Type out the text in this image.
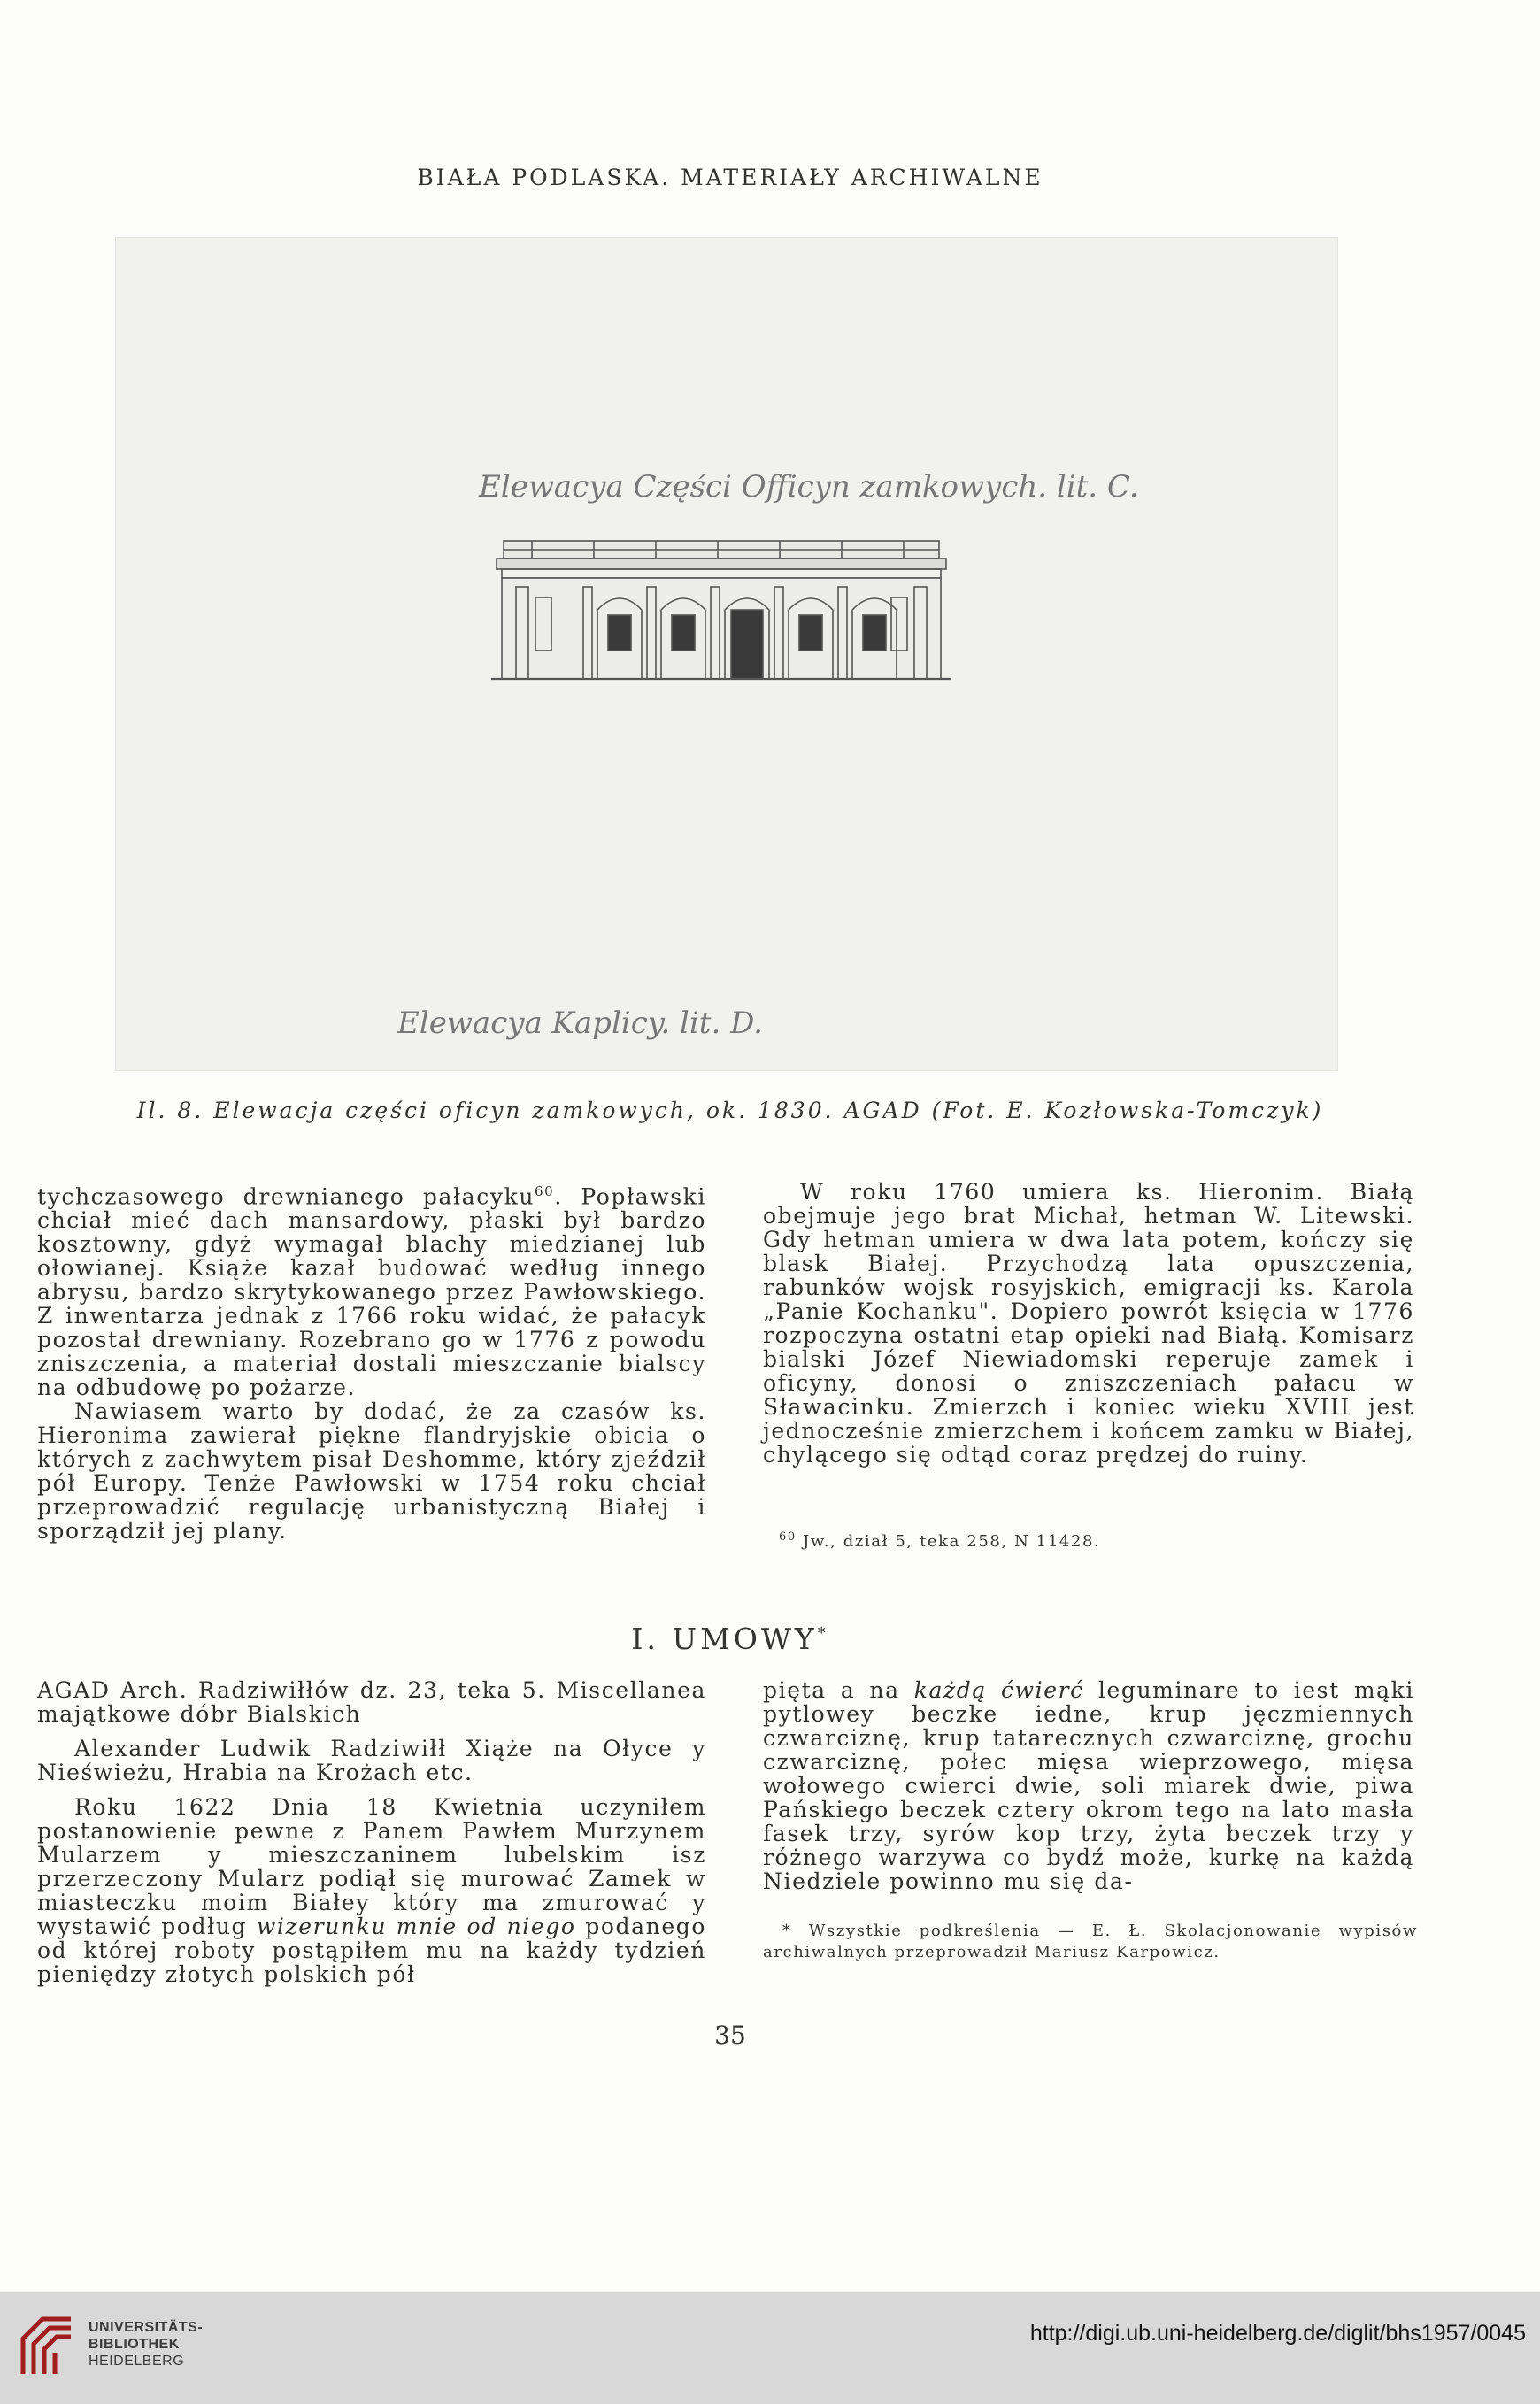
BIAŁA PODLASKA. MATERIAŁY ARCHIWALNE
Elewacya Części Officyn zamkowych. lit. C.
Elewacya Kaplicy. lit. D.
Il. 8. Elewacja części oficyn zamkowych, ok. 1830. AGAD (Fot. E. Kozłowska-Tomczyk)

tychczasowego drewnianego pałacyku$^{60}$. Popławski chciał mieć dach mansardowy, płaski był bardzo kosztowny, gdyż wymagał blachy miedzianej lub ołowianej. Książe kazał budować według innego abrysu, bardzo skrytykowanego przez Pawłowskiego. Z inwentarza jednak z 1766 roku widać, że pałacyk pozostał drewniany. Rozebrano go w 1776 z powodu zniszczenia, a materiał dostali mieszczanie bialscy na odbudowę po pożarze.

Nawiasem warto by dodać, że za czasów ks. Hieronima zawierał piękne flandryjskie obicia o których z zachwytem pisał Deshomme, który zjeździł pół Europy. Tenże Pawłowski w 1754 roku chciał przeprowadzić regulację urbanistyczną Białej i sporządził jej plany.

W roku 1760 umiera ks. Hieronim. Białą obejmuje jego brat Michał, hetman W. Litewski. Gdy hetman umiera w dwa lata potem, kończy się blask Białej. Przychodzą lata opuszczenia, rabunków wojsk rosyjskich, emigracji ks. Karola „Panie Kochanku". Dopiero powrót księcia w 1776 rozpoczyna ostatni etap opieki nad Białą. Komisarz bialski Józef Niewiadomski reperuje zamek i oficyny, donosi o zniszczeniach pałacu w Sławacinku. Zmierzch i koniec wieku XVIII jest jednocześnie zmierzchem i końcem zamku w Białej, chylącego się odtąd coraz prędzej do ruiny.

$^{60}$ Jw., dział 5, teka 258, N 11428.
I. UMOWY*

AGAD Arch. Radziwiłłów dz. 23, teka 5. Miscellanea majątkowe dóbr Bialskich

Alexander Ludwik Radziwiłł Xiąże na Ołyce y Nieświeżu, Hrabia na Krożach etc.

Roku 1622 Dnia 18 Kwietnia uczyniłem postanowienie pewne z Panem Pawłem Murzynem Mularzem y mieszczaninem lubelskim isz przerzeczony Mularz podiął się murować Zamek w miasteczku moim Białey który ma zmurować y wystawić podług wizerunku mnie od niego podanego od której roboty postąpiłem mu na każdy tydzień pieniędzy złotych polskich pół

pięta a na każdą ćwierć leguminare to iest mąki pytlowey beczke iedne, krup jęczmiennych czwarciznę, krup tatarecznych czwarciznę, grochu czwarciznę, połec mięsa wieprzowego, mięsa wołowego cwierci dwie, soli miarek dwie, piwa Pańskiego beczek cztery okrom tego na lato masła fasek trzy, syrów kop trzy, żyta beczek trzy y różnego warzywa co bydź może, kurkę na każdą Niedziele powinno mu się da-

* Wszystkie podkreślenia — E. Ł. Skolacjonowanie wypisów archiwalnych przeprowadził Mariusz Karpowicz.
35
UNIVERSITÄTS-
BIBLIOTHEK
HEIDELBERG
http://digi.ub.uni-heidelberg.de/diglit/bhs1957/0045
